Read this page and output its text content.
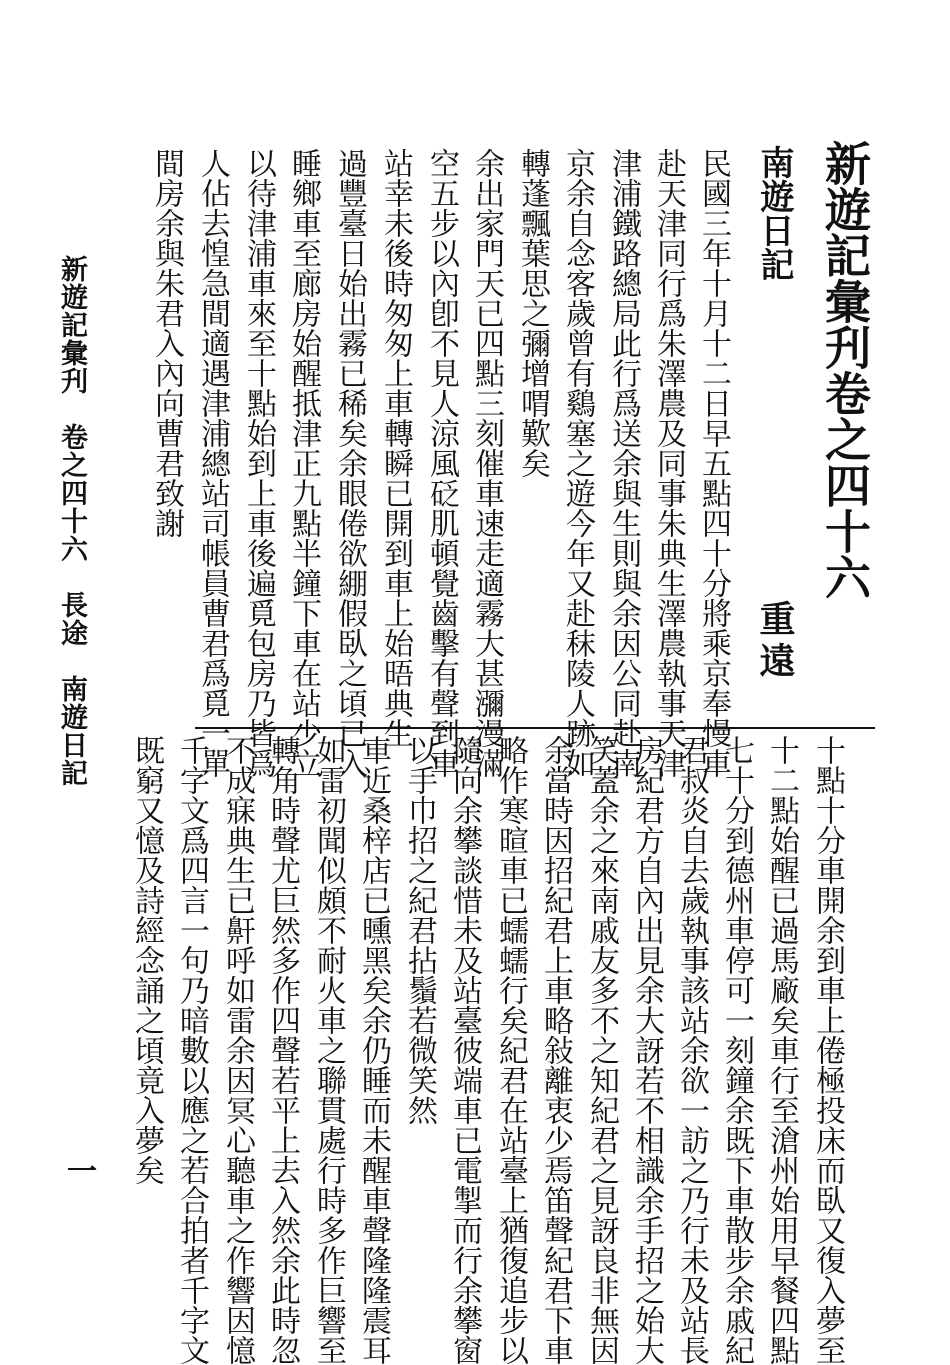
新遊記彙刋卷之四十六
南遊日記
重遠
民國三年十月十二日早五點四十分將乘京奉慢車
赴天津同行爲朱澤農及同事朱典生澤農執事天津
津浦鐵路總局此行爲送余與生則與余因公同赴南
京余自念客歲曾有鷄塞之遊今年又赴秣陵人跡如
轉蓬飄葉思之彌增喟歎矣
余出家門天已四點三刻催車速走適霧大甚瀰漫滿
空五步以內卽不見人涼風砭肌頓覺齒擊有聲到車
站幸未後時匆匆上車轉瞬已開到車上始晤典生
過豐臺日始出霧已稀矣余眼倦欲綳假臥之頃已入
睡鄉車至廊房始醒抵津正九點半鐘下車在站少立
以待津浦車來至十點始到上車後遍覓包房乃皆爲
人佔去惶急間適遇津浦總站司帳員曹君爲覓一單
間房余與朱君入內向曹君致謝
十點十分車開余到車上倦極投床而臥又復入夢至
十二點始醒已過馬廠矣車行至滄州始用早餐四點
七十分到德州車停可一刻鐘余既下車散步余戚紀
君叔炎自去歲執事該站余欲一訪之乃行未及站長
房紀君方自內出見余大訝若不相識余手招之始大
笑蓋余之來南戚友多不之知紀君之見訝良非無因
余當時因招紀君上車略敍離衷少焉笛聲紀君下車
略作寒暄車已蠕蠕行矣紀君在站臺上猶復追步以
隨向余攀談惜未及站臺彼端車已電掣而行余攀窗
以手巾招之紀君拈鬚若微笑然
車近桑梓店已曛黑矣余仍睡而未醒車聲隆隆震耳
如雷初聞似頗不耐火車之聯貫處行時多作巨響至
轉角時聲尤巨然多作四聲若平上去入然余此時忽
不成寐典生已鼾呼如雷余因冥心聽車之作響因憶
千字文爲四言一句乃暗數以應之若合拍者千字文
既窮又憶及詩經念誦之頃竟入夢矣
新遊記彙刋　卷之四十六　長途　南遊日記
一
